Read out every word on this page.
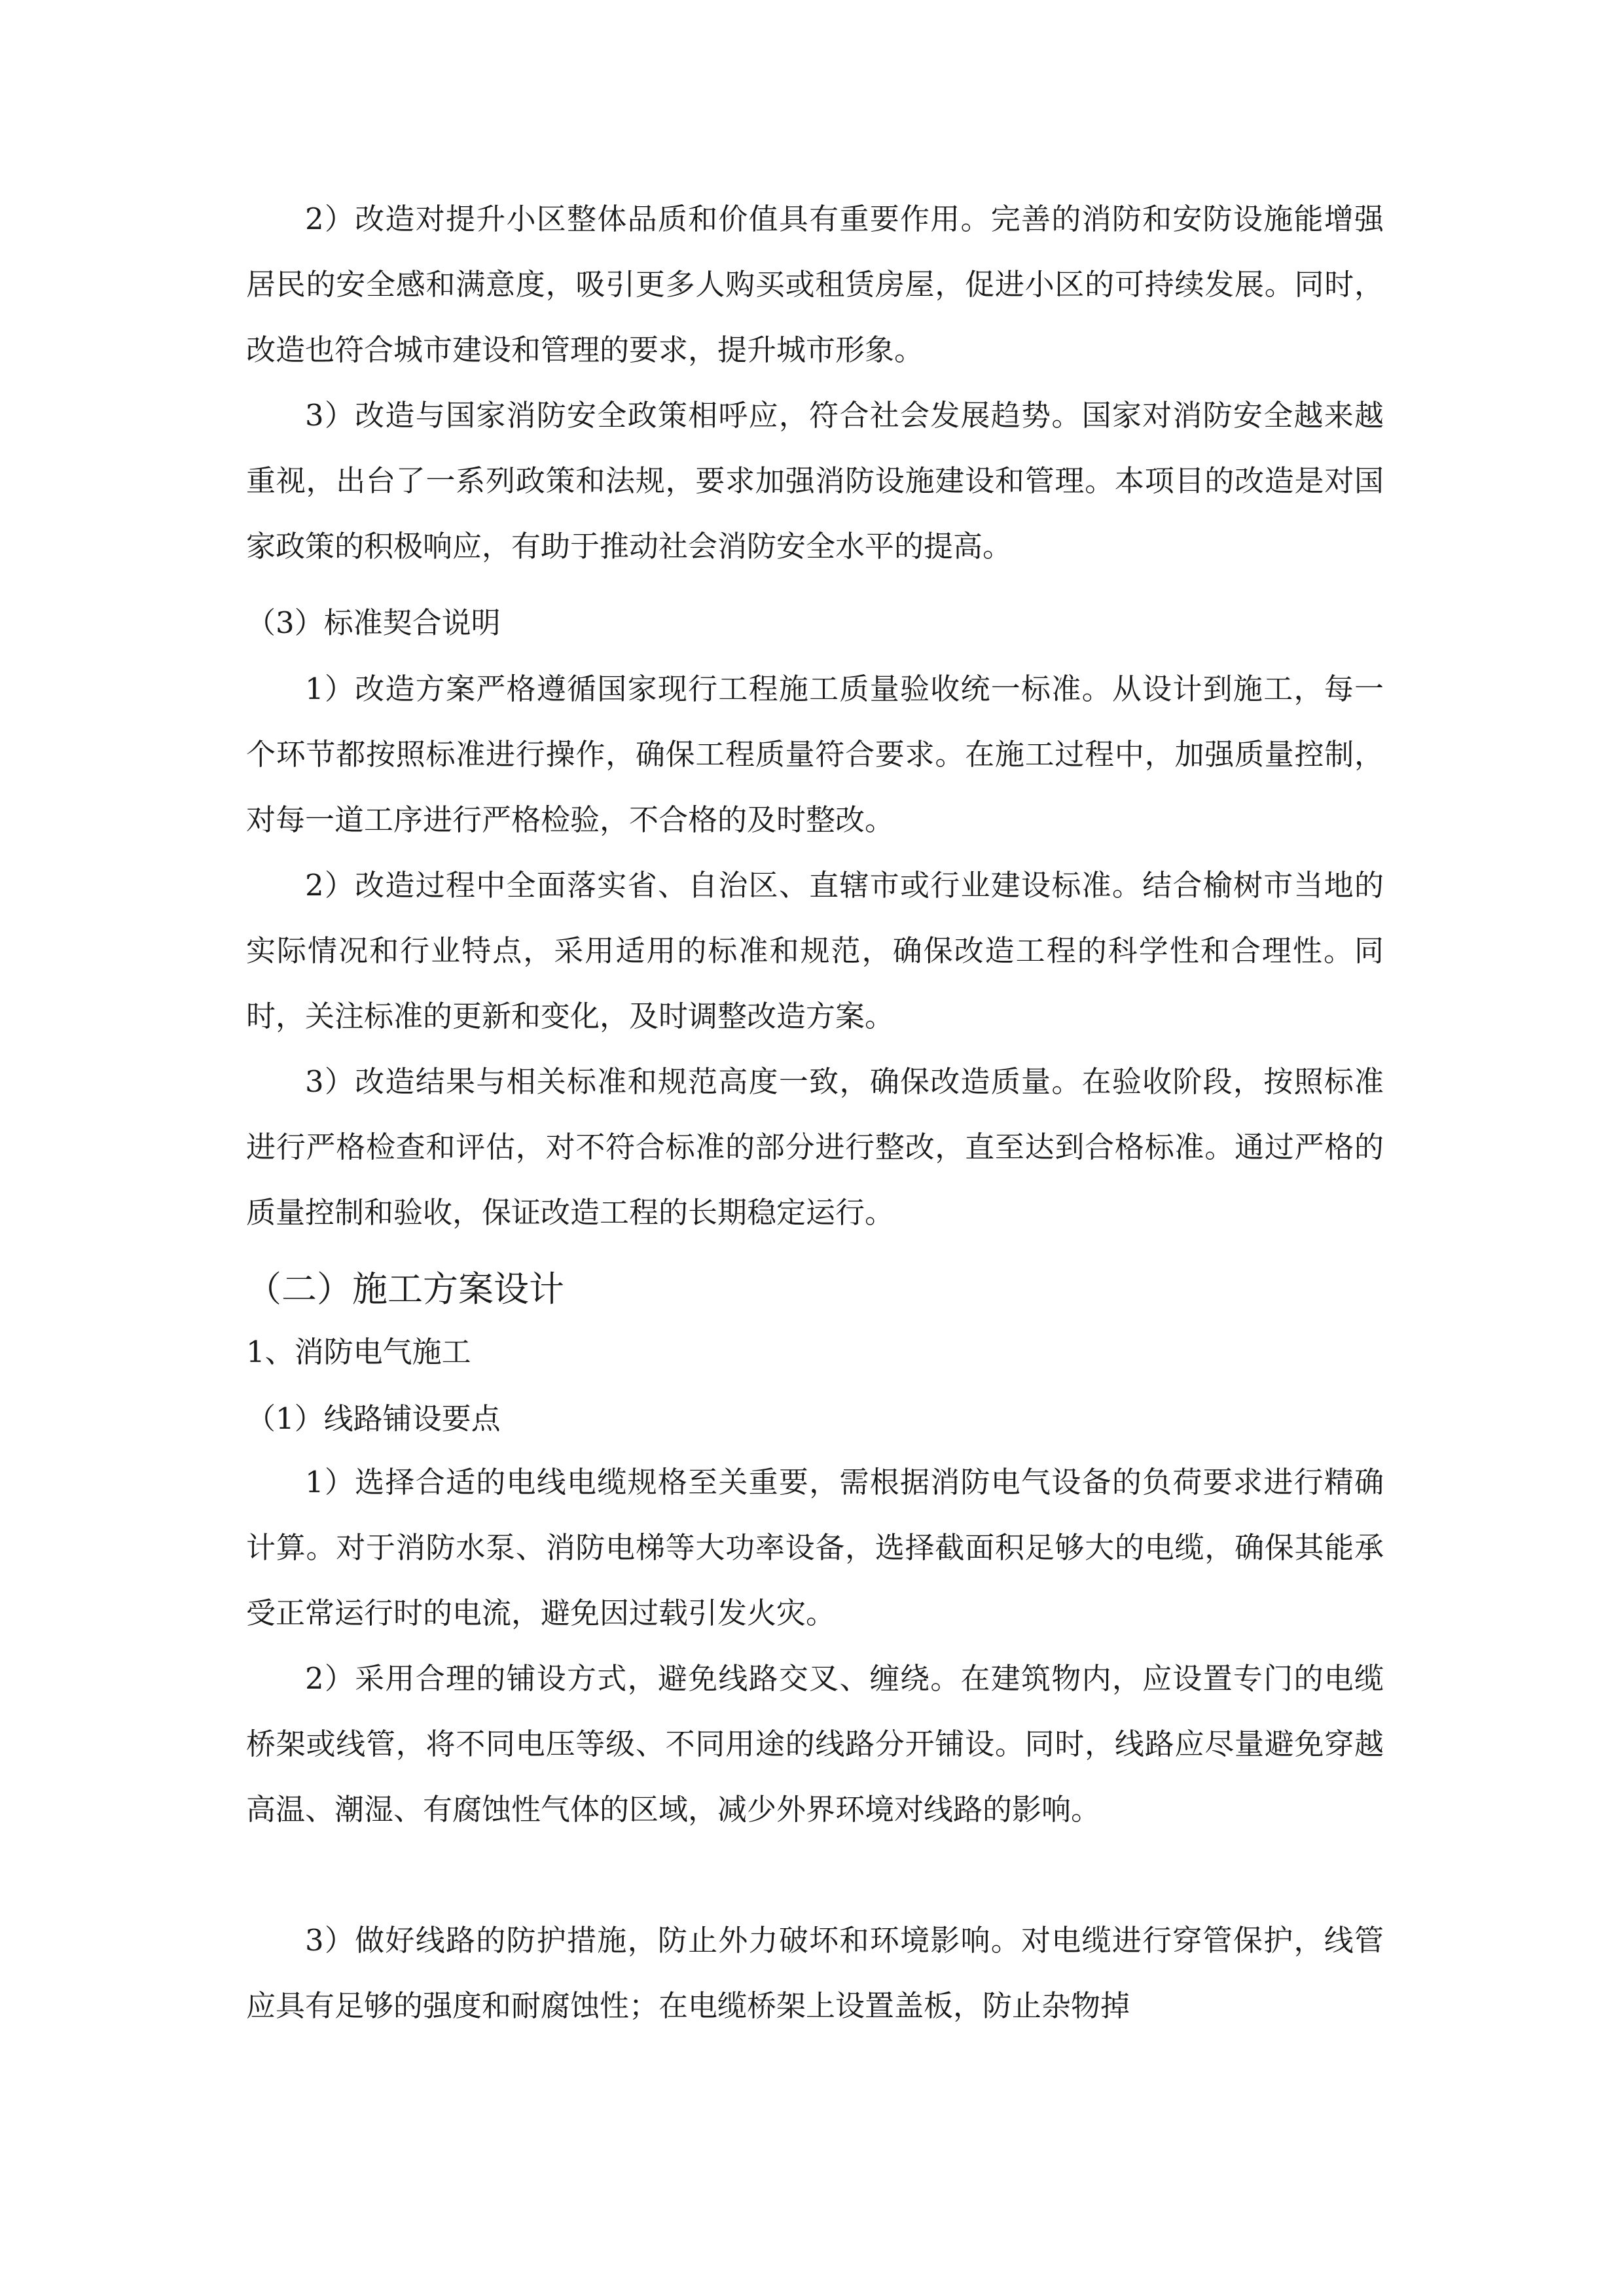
2）改造对提升小区整体品质和价值具有重要作用。完善的消防和安防设施能增强居民的安全感和满意度，吸引更多人购买或租赁房屋，促进小区的可持续发展。同时，改造也符合城市建设和管理的要求，提升城市形象。

3）改造与国家消防安全政策相呼应，符合社会发展趋势。国家对消防安全越来越重视，出台了一系列政策和法规，要求加强消防设施建设和管理。本项目的改造是对国家政策的积极响应，有助于推动社会消防安全水平的提高。

（3）标准契合说明

1）改造方案严格遵循国家现行工程施工质量验收统一标准。从设计到施工，每一个环节都按照标准进行操作，确保工程质量符合要求。在施工过程中，加强质量控制，对每一道工序进行严格检验，不合格的及时整改。

2）改造过程中全面落实省、自治区、直辖市或行业建设标准。结合榆树市当地的实际情况和行业特点，采用适用的标准和规范，确保改造工程的科学性和合理性。同时，关注标准的更新和变化，及时调整改造方案。

3）改造结果与相关标准和规范高度一致，确保改造质量。在验收阶段，按照标准进行严格检查和评估，对不符合标准的部分进行整改，直至达到合格标准。通过严格的质量控制和验收，保证改造工程的长期稳定运行。

（二）施工方案设计

1、消防电气施工

（1）线路铺设要点

1）选择合适的电线电缆规格至关重要，需根据消防电气设备的负荷要求进行精确计算。对于消防水泵、消防电梯等大功率设备，选择截面积足够大的电缆，确保其能承受正常运行时的电流，避免因过载引发火灾。

2）采用合理的铺设方式，避免线路交叉、缠绕。在建筑物内，应设置专门的电缆桥架或线管，将不同电压等级、不同用途的线路分开铺设。同时，线路应尽量避免穿越高温、潮湿、有腐蚀性气体的区域，减少外界环境对线路的影响。

3）做好线路的防护措施，防止外力破坏和环境影响。对电缆进行穿管保护，线管应具有足够的强度和耐腐蚀性；在电缆桥架上设置盖板，防止杂物掉
